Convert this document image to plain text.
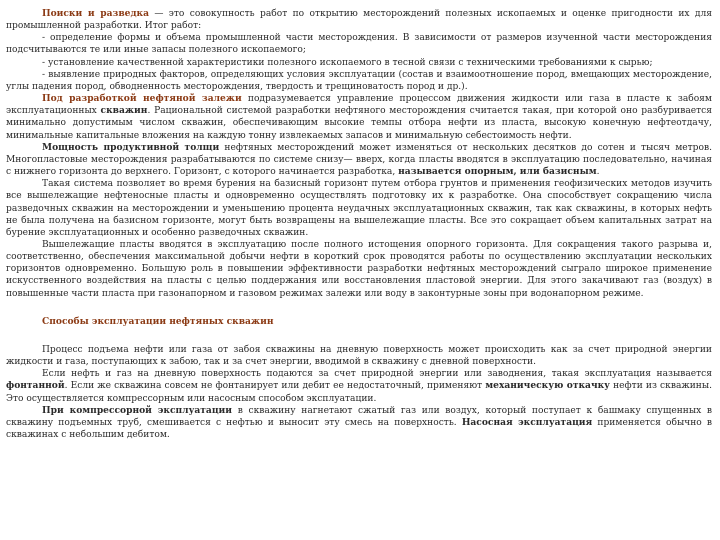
Поиски и разведка — это совокупность работ по открытию месторождений полезных ископаемых и оценке пригодности их для промышленной разработки. Итог работ:

- определение формы и объема промышленной части месторождения. В зависимости от размеров изученной части месторождения подсчитываются те или иные запасы полезного ископаемого;

- установление качественной характеристики полезного ископаемого в тесной связи с техническими требованиями к сырью;

- выявление природных факторов, определяющих условия эксплуатации (состав и взаимоотношение пород, вмещающих месторождение, углы падения пород, обводненность месторождения, твердость и трещиноватость пород и др.).

Под разработкой нефтяной залежи подразумевается управление процессом движения жидкости или газа в пласте к забоям эксплуатационных скважин. Рациональной системой разработки нефтяного месторождения считается такая, при которой оно разбуривается минимально допустимым числом скважин, обеспечивающим высокие темпы отбора нефти из пласта, высокую конечную нефтеотдачу, минимальные капитальные вложения на каждую тонну извлекаемых запасов и минимальную себестоимость нефти.

Мощность продуктивной толщи нефтяных месторождений может изменяться от нескольких десятков до сотен и тысяч метров. Многопластовые месторождения разрабатываются по системе снизу— вверх, когда пласты вводятся в эксплуатацию последовательно, начиная с нижнего горизонта до верхнего. Горизонт, с которого начинается разработка, называется опорным, или базисным.

Такая система позволяет во время бурения на базисный горизонт путем отбора грунтов и применения геофизических методов изучить все вышележащие нефтеносные пласты и одновременно осуществлять подготовку их к разработке. Она способствует сокращению числа разведочных скважин на месторождении и уменьшению процента неудачных эксплуатационных скважин, так как скважины, в которых нефть не была получена на базисном горизонте, могут быть возвращены на вышележащие пласты. Все это сокращает объем капитальных затрат на бурение эксплуатационных и особенно разведочных скважин.

Вышележащие пласты вводятся в эксплуатацию после полного истощения опорного горизонта. Для сокращения такого разрыва и, соответственно, обеспечения максимальной добычи нефти в короткий срок проводятся работы по осуществлению эксплуатации нескольких горизонтов одновременно. Большую роль в повышении эффективности разработки нефтяных месторождений сыграло широкое применение искусственного воздействия на пласты с целью поддержания или восстановления пластовой энергии. Для этого закачивают газ (воздух) в повышенные части пласта при газонапорном и газовом режимах залежи или воду в законтурные зоны при водонапорном режиме.

Способы эксплуатации нефтяных скважин

Процесс подъема нефти или газа от забоя скважины на дневную поверхность может происходить как за счет природной энергии жидкости и газа, поступающих к забою, так и за счет энергии, вводимой в скважину с дневной поверхности.

Если нефть и газ на дневную поверхность подаются за счет природной энергии или заводнения, такая эксплуатация называется фонтанной. Если же скважина совсем не фонтанирует или дебит ее недостаточный, применяют механическую откачку нефти из скважины. Это осуществляется компрессорным или насосным способом эксплуатации.

При компрессорной эксплуатации в скважину нагнетают сжатый газ или воздух, который поступает к башмаку спущенных в скважину подъемных труб, смешивается с нефтью и выносит эту смесь на поверхность. Насосная эксплуатация применяется обычно в скважинах с небольшим дебитом.
